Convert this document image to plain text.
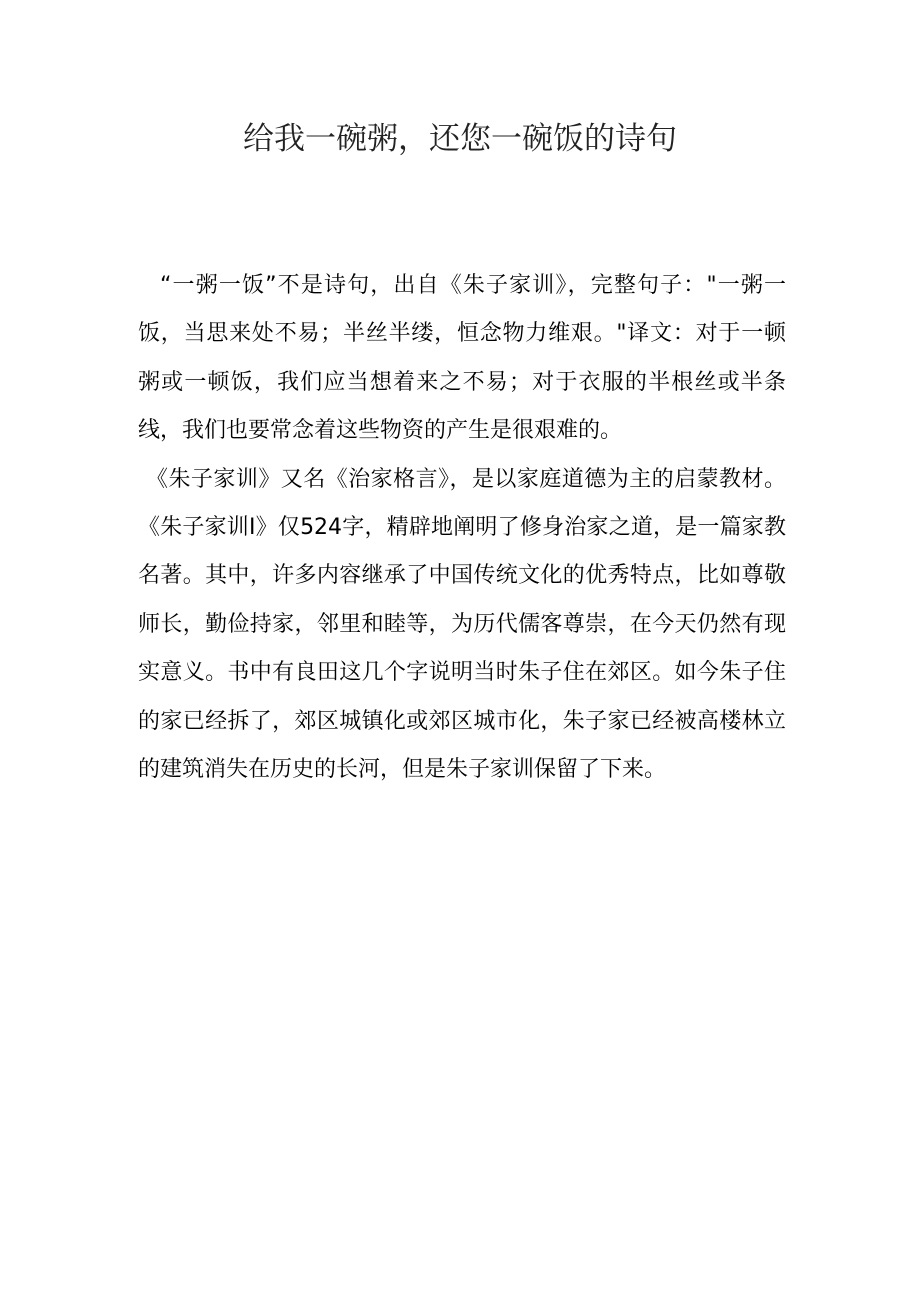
给我一碗粥，还您一碗饭的诗句

“一粥一饭”不是诗句，出自《朱子家训》，完整句子："一粥一饭，当思来处不易；半丝半缕，恒念物力维艰。"译文：对于一顿粥或一顿饭，我们应当想着来之不易；对于衣服的半根丝或半条线，我们也要常念着这些物资的产生是很艰难的。

《朱子家训》又名《治家格言》，是以家庭道德为主的启蒙教材。《朱子家训I》仅524字，精辟地阐明了修身治家之道，是一篇家教名著。其中，许多内容继承了中国传统文化的优秀特点，比如尊敬师长，勤俭持家，邻里和睦等，为历代儒客尊崇，在今天仍然有现实意义。书中有良田这几个字说明当时朱子住在郊区。如今朱子住的家已经拆了，郊区城镇化或郊区城市化，朱子家已经被高楼林立的建筑消失在历史的长河，但是朱子家训保留了下来。
